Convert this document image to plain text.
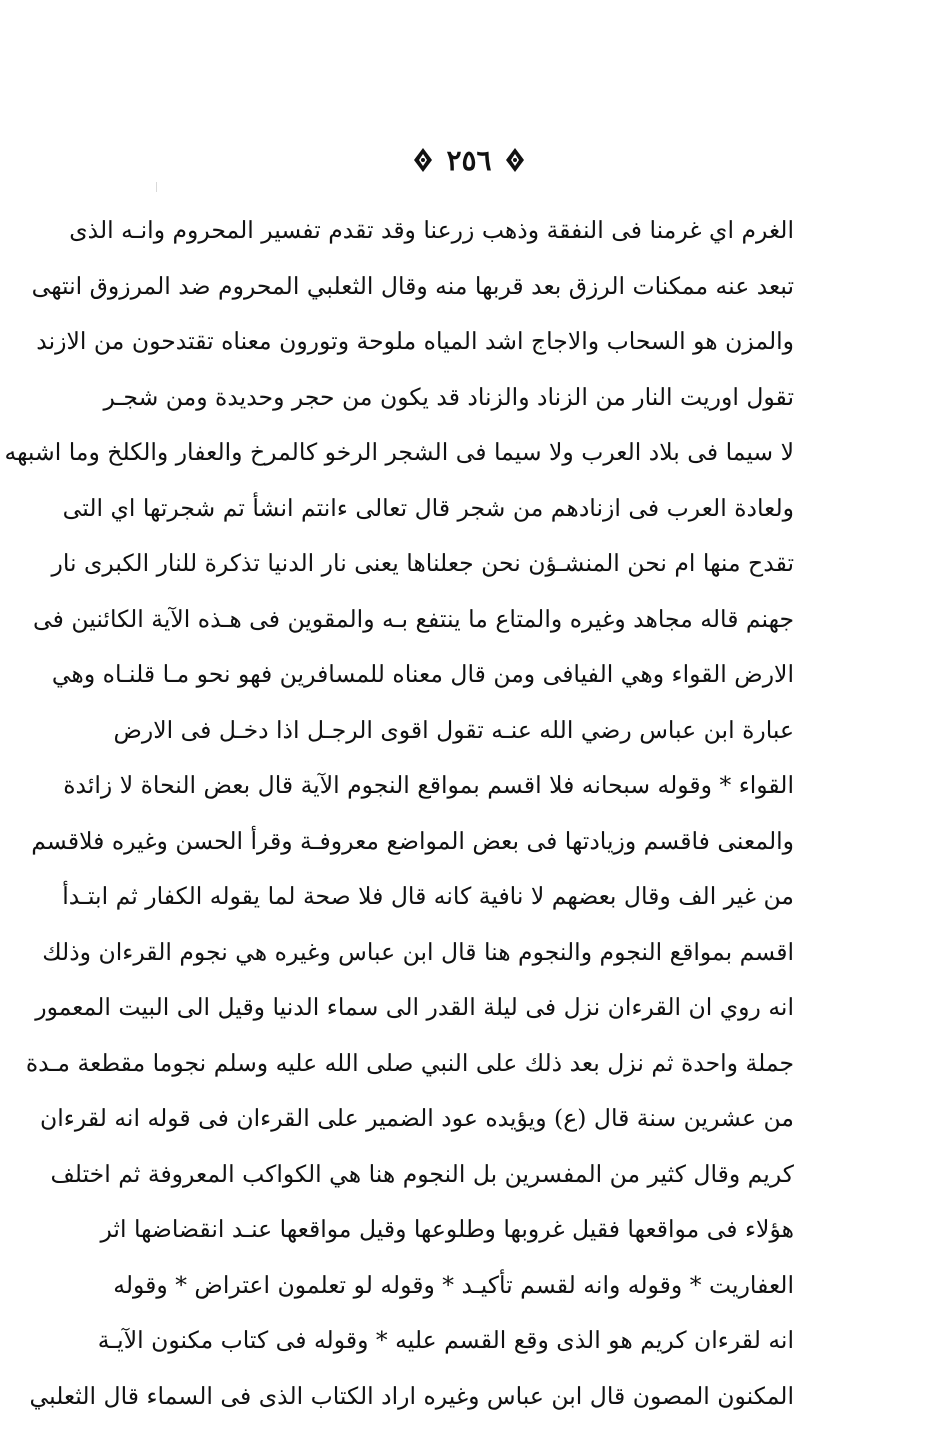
٢٥٦
الغرم اي غرمنا فى النفقة وذهب زرعنا وقد تقدم تفسير المحروم وانـه الذى
تبعد عنه ممكنات الرزق بعد قربها منه وقال الثعلبي المحروم ضد المرزوق انتهى
والمزن هو السحاب والاجاج اشد المياه ملوحة وتورون معناه تقتدحون من الازند
تقول اوريت النار من الزناد والزناد قد يكون من حجر وحديدة ومن شجـر
لا سيما فى بلاد العرب ولا سيما فى الشجر الرخو كالمرخ والعفار والكلخ وما اشبهه
ولعادة العرب فى ازنادهم من شجر قال تعالى ءانتم انشأ تم شجرتها اي التى
تقدح منها ام نحن المنشـؤن نحن جعلناها يعنى نار الدنيا تذكرة للنار الكبرى نار
جهنم قاله مجاهد وغيره والمتاع ما ينتفع بـه والمقوين فى هـذه الآية الكائنين فى
الارض القواء وهي الفيافى ومن قال معناه للمسافرين فهو نحو مـا قلنـاه وهي
عبارة ابن عباس رضي الله عنـه تقول اقوى الرجـل اذا دخـل فى الارض
القواء * وقوله سبحانه فلا اقسم بمواقع النجوم الآية قال بعض النحاة لا زائدة
والمعنى فاقسم وزيادتها فى بعض المواضع معروفـة وقرأ الحسن وغيره فلاقسم
من غير الف وقال بعضهم لا نافية كانه قال فلا صحة لما يقوله الكفار ثم ابتـدأ
اقسم بمواقع النجوم والنجوم هنا قال ابن عباس وغيره هي نجوم القرءان وذلك
انه روي ان القرءان نزل فى ليلة القدر الى سماء الدنيا وقيل الى البيت المعمور
جملة واحدة ثم نزل بعد ذلك على النبي صلى الله عليه وسلم نجوما مقطعة مـدة
من عشرين سنة قال (ع) ويؤيده عود الضمير على القرءان فى قوله انه لقرءان
كريم وقال كثير من المفسرين بل النجوم هنا هي الكواكب المعروفة ثم اختلف
هؤلاء فى مواقعها فقيل غروبها وطلوعها وقيل مواقعها عنـد انقضاضها اثر
العفاريت * وقوله وانه لقسم تأكيـد * وقوله لو تعلمون اعتراض * وقوله
انه لقرءان كريم هو الذى وقع القسم عليه * وقوله فى كتاب مكنون الآيـة
المكنون المصون قال ابن عباس وغيره اراد الكتاب الذى فى السماء قال الثعلبي
